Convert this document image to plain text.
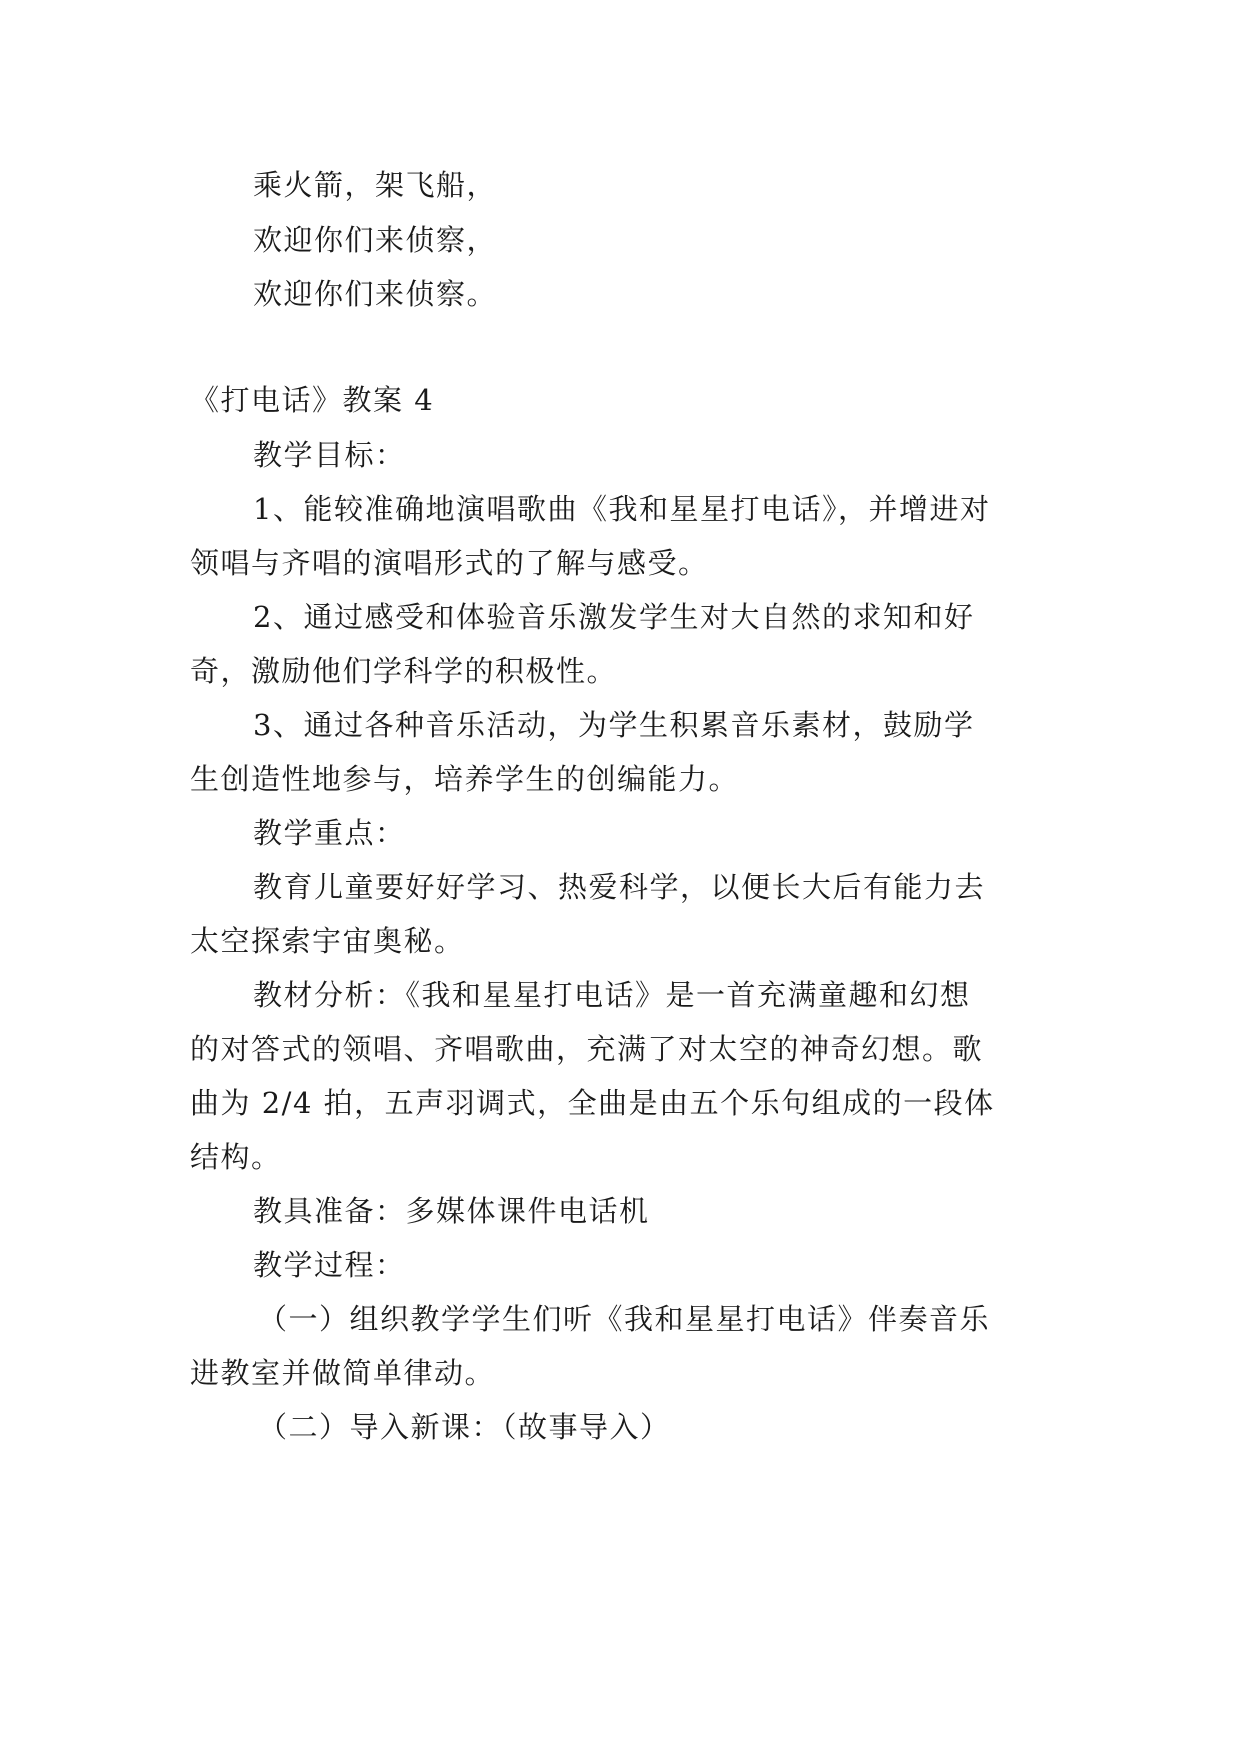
乘火箭，架飞船，
欢迎你们来侦察，
欢迎你们来侦察。
《打电话》教案 4
教学目标：
1、能较准确地演唱歌曲《我和星星打电话》，并增进对
领唱与齐唱的演唱形式的了解与感受。
2、通过感受和体验音乐激发学生对大自然的求知和好
奇，激励他们学科学的积极性。
3、通过各种音乐活动，为学生积累音乐素材，鼓励学
生创造性地参与，培养学生的创编能力。
教学重点：
教育儿童要好好学习、热爱科学，以便长大后有能力去
太空探索宇宙奥秘。
教材分析：《我和星星打电话》是一首充满童趣和幻想
的对答式的领唱、齐唱歌曲，充满了对太空的神奇幻想。歌
曲为 2/4 拍，五声羽调式，全曲是由五个乐句组成的一段体
结构。
教具准备：多媒体课件电话机
教学过程：
（一）组织教学学生们听《我和星星打电话》伴奏音乐
进教室并做简单律动。
（二）导入新课：（故事导入）
